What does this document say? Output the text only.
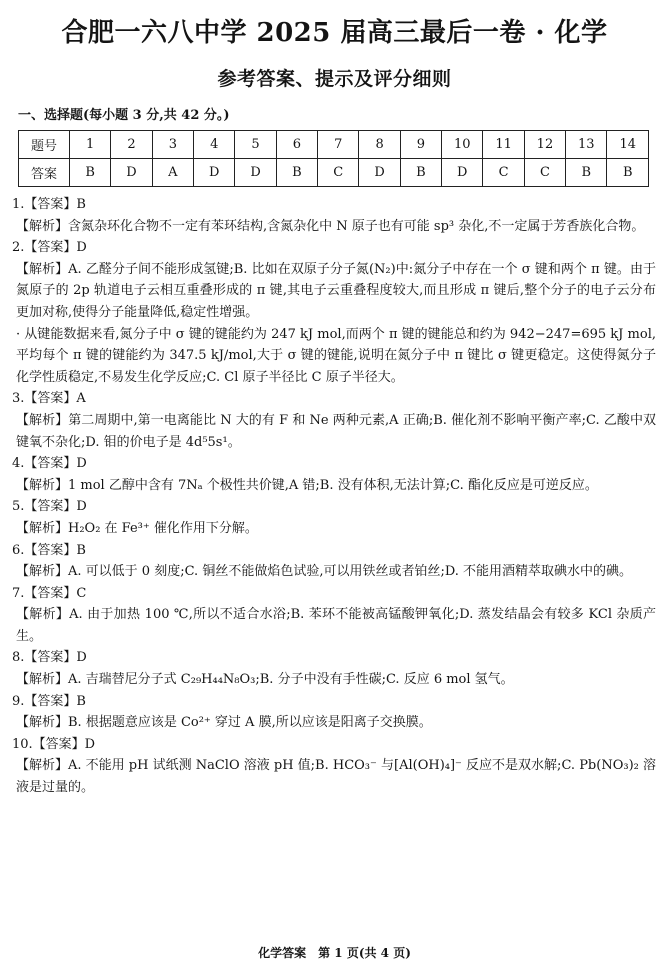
合肥一六八中学 2025 届高三最后一卷 · 化学
参考答案、提示及评分细则
一、选择题(每小题 3 分,共 42 分。)
题号	1	2	3	4	5	6	7	8	9	10	11	12	13	14
答案	B	D	A	D	D	B	C	D	B	D	C	C	B	B

1.【答案】B

【解析】含氮杂环化合物不一定有苯环结构,含氮杂化中 N 原子也有可能 sp³ 杂化,不一定属于芳香族化合物。

2.【答案】D

【解析】A. 乙醛分子间不能形成氢键;B. 比如在双原子分子氮(N₂)中:氮分子中存在一个 σ 键和两个 π 键。由于氮原子的 2p 轨道电子云相互重叠形成的 π 键,其电子云重叠程度较大,而且形成 π 键后,整个分子的电子云分布更加对称,使得分子能量降低,稳定性增强。

· 从键能数据来看,氮分子中 σ 键的键能约为 247 kJ mol,而两个 π 键的键能总和约为 942−247=695 kJ mol,平均每个 π 键的键能约为 347.5 kJ/mol,大于 σ 键的键能,说明在氮分子中 π 键比 σ 键更稳定。这使得氮分子化学性质稳定,不易发生化学反应;C. Cl 原子半径比 C 原子半径大。

3.【答案】A

【解析】第二周期中,第一电离能比 N 大的有 F 和 Ne 两种元素,A 正确;B. 催化剂不影响平衡产率;C. 乙酸中双键氧不杂化;D. 钼的价电子是 4d⁵5s¹。

4.【答案】D

【解析】1 mol 乙醇中含有 7Nₐ 个极性共价键,A 错;B. 没有体积,无法计算;C. 酯化反应是可逆反应。

5.【答案】D

【解析】H₂O₂ 在 Fe³⁺ 催化作用下分解。

6.【答案】B

【解析】A. 可以低于 0 刻度;C. 铜丝不能做焰色试验,可以用铁丝或者铂丝;D. 不能用酒精萃取碘水中的碘。

7.【答案】C

【解析】A. 由于加热 100 ℃,所以不适合水浴;B. 苯环不能被高锰酸钾氧化;D. 蒸发结晶会有较多 KCl 杂质产生。

8.【答案】D

【解析】A. 吉瑞替尼分子式 C₂₉H₄₄N₈O₃;B. 分子中没有手性碳;C. 反应 6 mol 氢气。

9.【答案】B

【解析】B. 根据题意应该是 Co²⁺ 穿过 A 膜,所以应该是阳离子交换膜。

10.【答案】D

【解析】A. 不能用 pH 试纸测 NaClO 溶液 pH 值;B. HCO₃⁻ 与[Al(OH)₄]⁻ 反应不是双水解;C. Pb(NO₃)₂ 溶液是过量的。

化学答案　第 1 页(共 4 页)
